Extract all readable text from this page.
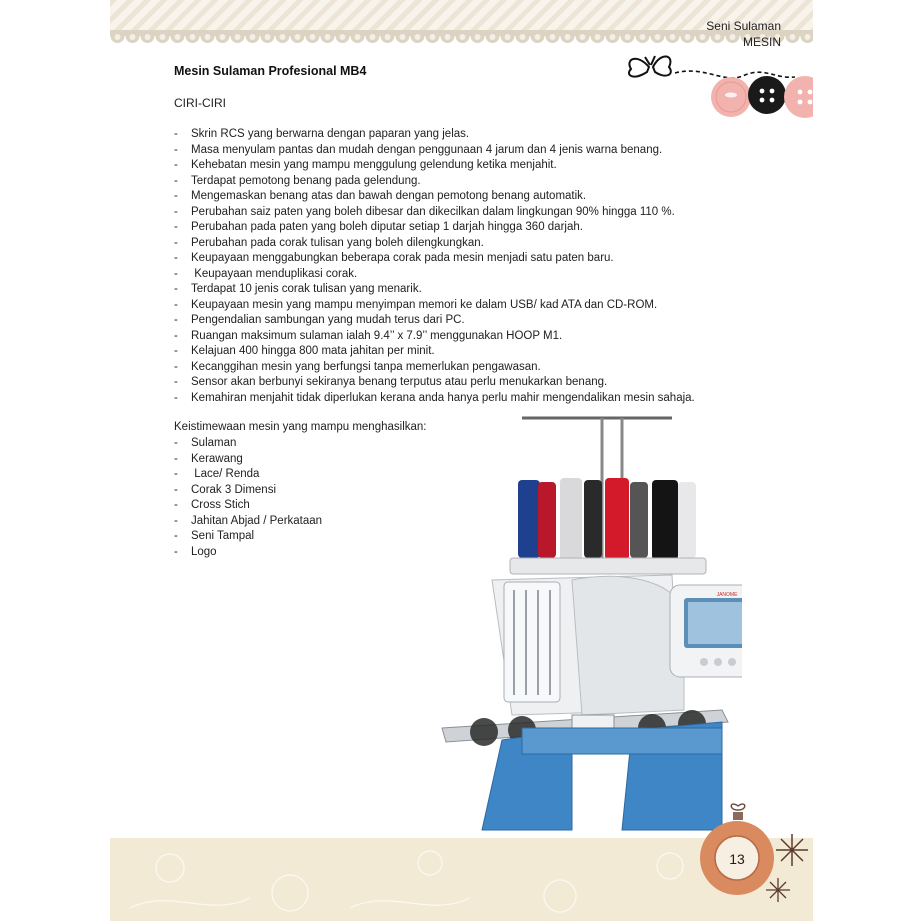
Seni Sulaman
MESIN
Mesin Sulaman Profesional MB4
CIRI-CIRI
- Skrin RCS yang berwarna dengan paparan yang jelas.
- Masa menyulam pantas dan mudah dengan penggunaan 4 jarum dan 4 jenis warna benang.
- Kehebatan mesin yang mampu menggulung gelendung ketika menjahit.
- Terdapat pemotong benang pada gelendung.
- Mengemaskan benang atas dan bawah dengan pemotong benang automatik.
- Perubahan saiz paten yang boleh dibesar dan dikecilkan dalam lingkungan 90% hingga 110 %.
- Perubahan pada paten yang boleh diputar setiap 1 darjah hingga 360 darjah.
- Perubahan pada corak tulisan yang boleh dilengkungkan.
- Keupayaan menggabungkan beberapa corak pada mesin menjadi satu paten baru.
- Keupayaan menduplikasi corak.
- Terdapat 10 jenis corak tulisan yang menarik.
- Keupayaan mesin yang mampu menyimpan memori ke dalam USB/ kad ATA dan CD-ROM.
- Pengendalian sambungan yang mudah terus dari PC.
- Ruangan maksimum sulaman ialah 9.4’’ x 7.9’’ menggunakan HOOP M1.
- Kelajuan 400 hingga 800 mata jahitan per minit.
- Kecanggihan mesin yang berfungsi tanpa memerlukan pengawasan.
- Sensor akan berbunyi sekiranya benang terputus atau perlu menukarkan benang.
- Kemahiran menjahit tidak diperlukan kerana anda hanya perlu mahir mengendalikan mesin sahaja.
Keistimewaan mesin yang mampu menghasilkan:
- Sulaman
- Kerawang
- Lace/ Renda
- Corak 3 Dimensi
- Cross Stich
- Jahitan Abjad / Perkataan
- Seni Tampal
- Logo
JANOME
13
